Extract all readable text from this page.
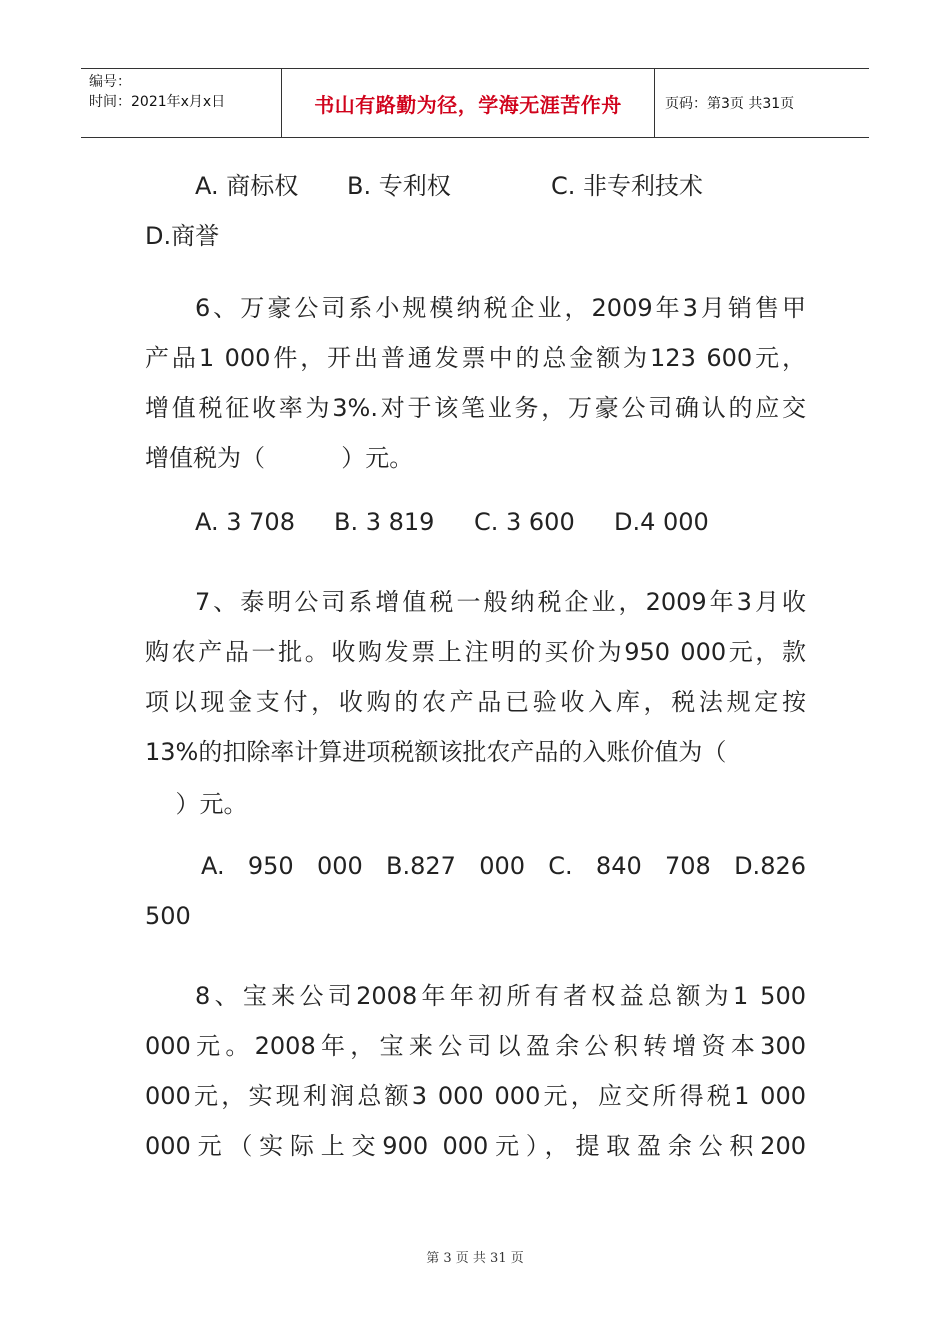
编号：
时间：2021年x月x日	书山有路勤为径，学海无涯苦作舟	页码：第3页 共31页
A. 商标权 B. 专利权	C. 非专利技术
D.商誉
6、万豪公司系小规模纳税企业，2009年3月销售甲
产品1 000件，开出普通发票中的总金额为123 600元，
增值税征收率为3%.对于该笔业务，万豪公司确认的应交
增值税为（          ）元。
A. 3 708 B. 3 819 C. 3 600 D.4 000
7、泰明公司系增值税一般纳税企业，2009年3月收
购农产品一批。收购发票上注明的买价为950 000元，款
项以现金支付，收购的农产品已验收入库，税法规定按
13%的扣除率计算进项税额该批农产品的入账价值为（
）元。
A. 950 000 B.827 000 C. 840 708 D.826
500
8、宝来公司2008年年初所有者权益总额为1 500
000元。2008年，宝来公司以盈余公积转增资本300
000元，实现利润总额3 000 000元，应交所得税1 000
000元（实际上交900 000元），提取盈余公积200
第 3 页 共 31 页
